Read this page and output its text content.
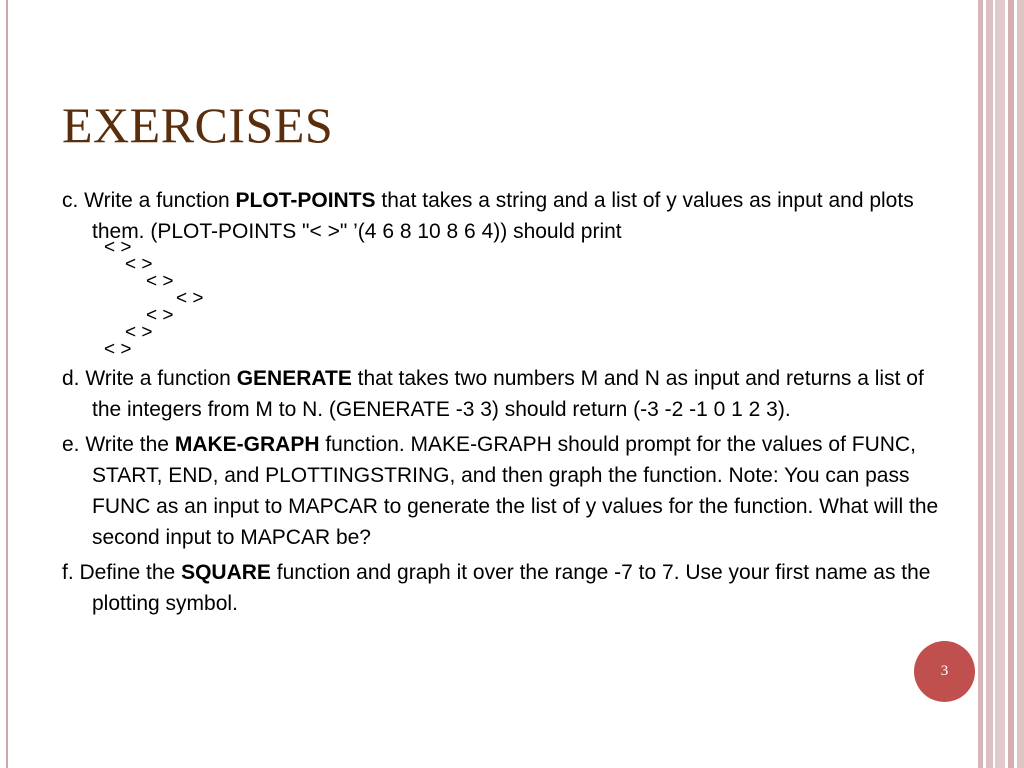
EXERCISES
c. Write a function PLOT-POINTS that takes a string and a list of y values as input and plots them. (PLOT-POINTS "< >" ’(4 6 8 10 8 6 4)) should print
< >
< >
< >
< >
< >
< >
< >
d. Write a function GENERATE that takes two numbers M and N as input and returns a list of the integers from M to N. (GENERATE -3 3) should return (-3 -2 -1 0 1 2 3).
e. Write the MAKE-GRAPH function. MAKE-GRAPH should prompt for the values of FUNC, START, END, and PLOTTINGSTRING, and then graph the function. Note: You can pass FUNC as an input to MAPCAR to generate the list of y values for the function. What will the second input to MAPCAR be?
f. Define the SQUARE function and graph it over the range -7 to 7. Use your first name as the plotting symbol.
3
